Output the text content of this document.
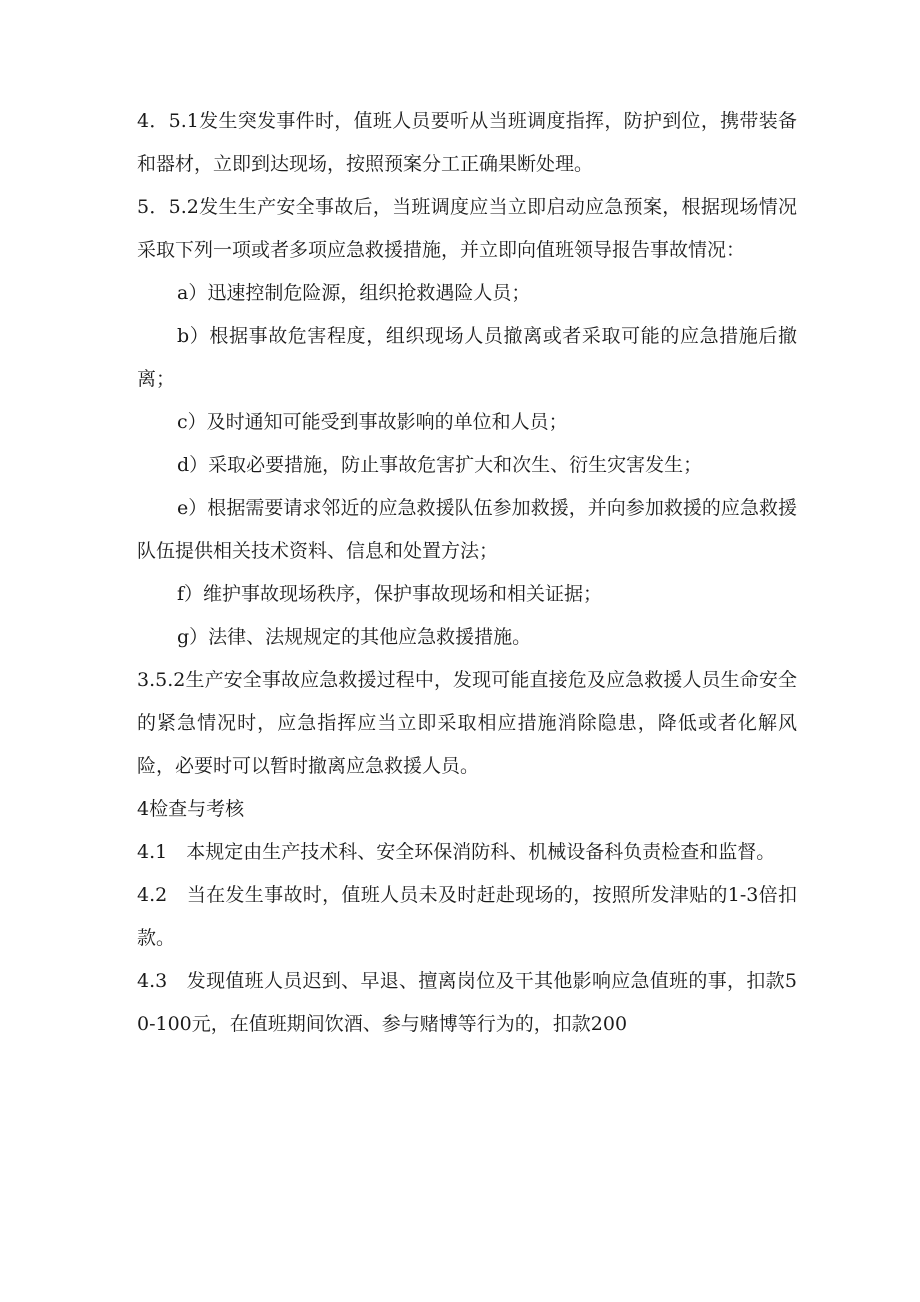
4．5.1发生突发事件时，值班人员要听从当班调度指挥，防护到位，携带装备和器材，立即到达现场，按照预案分工正确果断处理。

5．5.2发生生产安全事故后，当班调度应当立即启动应急预案，根据现场情况采取下列一项或者多项应急救援措施，并立即向值班领导报告事故情况：

a）迅速控制危险源，组织抢救遇险人员；

b）根据事故危害程度，组织现场人员撤离或者采取可能的应急措施后撤离；

c）及时通知可能受到事故影响的单位和人员；

d）采取必要措施，防止事故危害扩大和次生、衍生灾害发生；

e）根据需要请求邻近的应急救援队伍参加救援，并向参加救援的应急救援队伍提供相关技术资料、信息和处置方法；

f）维护事故现场秩序，保护事故现场和相关证据；

g）法律、法规规定的其他应急救援措施。

3.5.2生产安全事故应急救援过程中，发现可能直接危及应急救援人员生命安全的紧急情况时，应急指挥应当立即采取相应措施消除隐患，降低或者化解风险，必要时可以暂时撤离应急救援人员。

4检查与考核

4.1　本规定由生产技术科、安全环保消防科、机械设备科负责检查和监督。

4.2　当在发生事故时，值班人员未及时赶赴现场的，按照所发津贴的1-3倍扣款。

4.3　发现值班人员迟到、早退、擅离岗位及干其他影响应急值班的事，扣款50-100元，在值班期间饮酒、参与赌博等行为的，扣款200
